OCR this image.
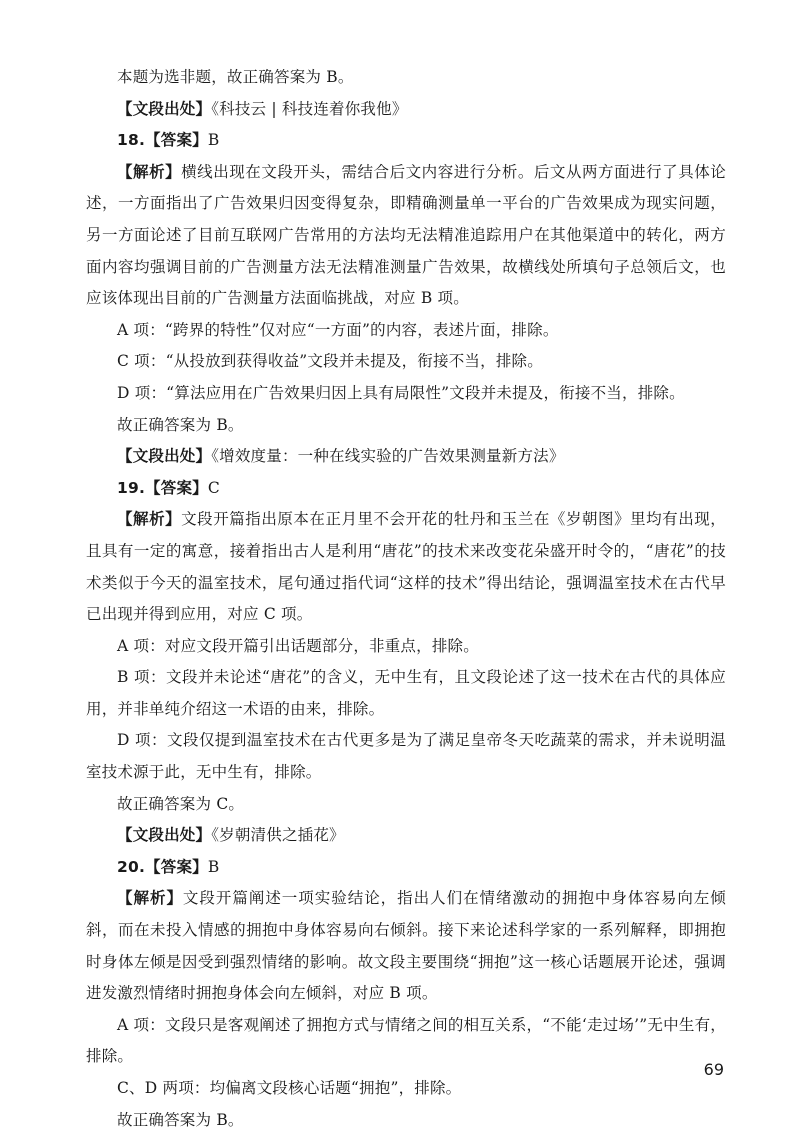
本题为选非题，故正确答案为 B。

【文段出处】《科技云 | 科技连着你我他》

18.【答案】B

【解析】横线出现在文段开头，需结合后文内容进行分析。后文从两方面进行了具体论述，一方面指出了广告效果归因变得复杂，即精确测量单一平台的广告效果成为现实问题，另一方面论述了目前互联网广告常用的方法均无法精准追踪用户在其他渠道中的转化，两方面内容均强调目前的广告测量方法无法精准测量广告效果，故横线处所填句子总领后文，也应该体现出目前的广告测量方法面临挑战，对应 B 项。

A 项：“跨界的特性”仅对应“一方面”的内容，表述片面，排除。

C 项：“从投放到获得收益”文段并未提及，衔接不当，排除。

D 项：“算法应用在广告效果归因上具有局限性”文段并未提及，衔接不当，排除。

故正确答案为 B。

【文段出处】《增效度量：一种在线实验的广告效果测量新方法》

19.【答案】C

【解析】文段开篇指出原本在正月里不会开花的牡丹和玉兰在《岁朝图》里均有出现，且具有一定的寓意，接着指出古人是利用“唐花”的技术来改变花朵盛开时令的，“唐花”的技术类似于今天的温室技术，尾句通过指代词“这样的技术”得出结论，强调温室技术在古代早已出现并得到应用，对应 C 项。

A 项：对应文段开篇引出话题部分，非重点，排除。

B 项：文段并未论述“唐花”的含义，无中生有，且文段论述了这一技术在古代的具体应用，并非单纯介绍这一术语的由来，排除。

D 项：文段仅提到温室技术在古代更多是为了满足皇帝冬天吃蔬菜的需求，并未说明温室技术源于此，无中生有，排除。

故正确答案为 C。

【文段出处】《岁朝清供之插花》

20.【答案】B

【解析】文段开篇阐述一项实验结论，指出人们在情绪激动的拥抱中身体容易向左倾斜，而在未投入情感的拥抱中身体容易向右倾斜。接下来论述科学家的一系列解释，即拥抱时身体左倾是因受到强烈情绪的影响。故文段主要围绕“拥抱”这一核心话题展开论述，强调进发激烈情绪时拥抱身体会向左倾斜，对应 B 项。

A 项：文段只是客观阐述了拥抱方式与情绪之间的相互关系，“不能‘走过场’”无中生有，排除。

C、D 两项：均偏离文段核心话题“拥抱”，排除。

故正确答案为 B。

69
